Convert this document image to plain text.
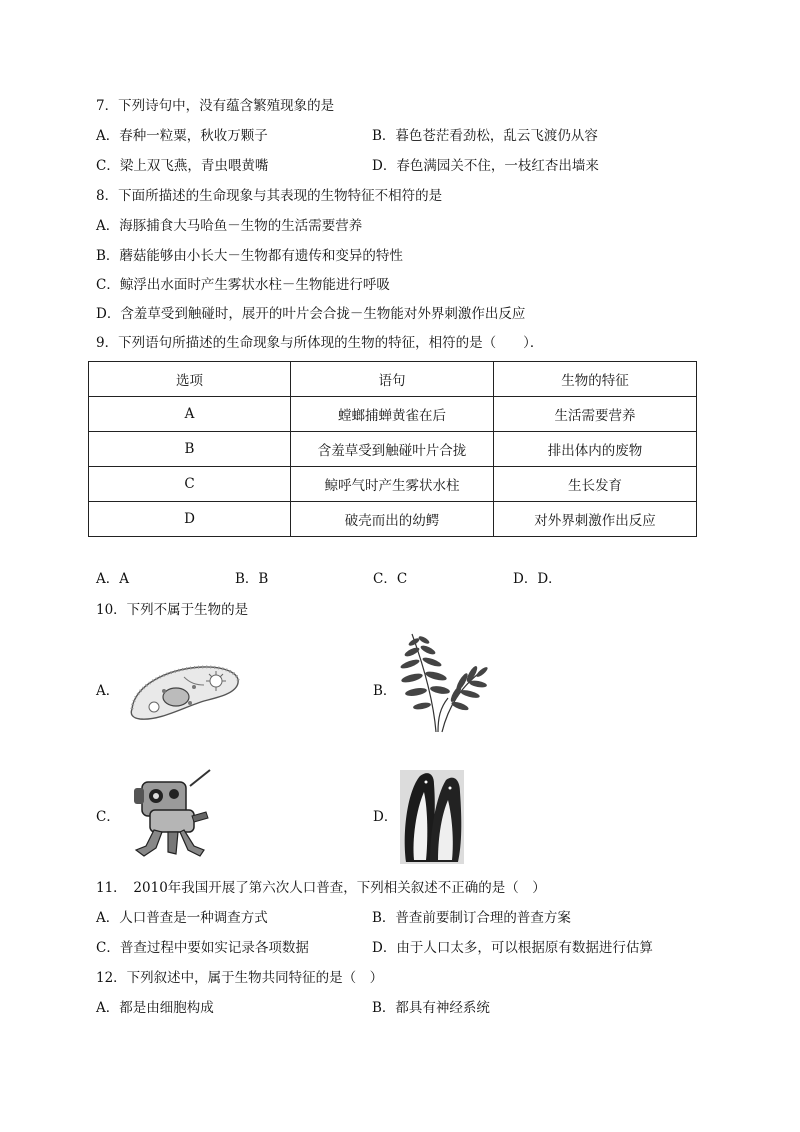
7．下列诗句中，没有蕴含繁殖现象的是
A．春种一粒粟，秋收万颗子	B．暮色苍茫看劲松，乱云飞渡仍从容
C．梁上双飞燕，青虫喂黄嘴	D．春色满园关不住，一枝红杏出墙来
8．下面所描述的生命现象与其表现的生物特征不相符的是
A．海豚捕食大马哈鱼－生物的生活需要营养
B．蘑菇能够由小长大－生物都有遗传和变异的特性
C．鲸浮出水面时产生雾状水柱－生物能进行呼吸
D．含羞草受到触碰时，展开的叶片会合拢－生物能对外界刺激作出反应
9．下列语句所描述的生命现象与所体现的生物的特征，相符的是（　　）．
选项	语句	生物的特征
A	螳螂捕蝉黄雀在后	生活需要营养
B	含羞草受到触碰叶片合拢	排出体内的废物
C	鲸呼气时产生雾状水柱	生长发育
D	破壳而出的幼鳄	对外界刺激作出反应
A．A	B．B	C．C	D．D．
10．下列不属于生物的是
A．	B．
C．	D．
11．　2010年我国开展了第六次人口普查，下列相关叙述不正确的是（　）
A．人口普查是一种调查方式	B．普查前要制订合理的普查方案
C．普查过程中要如实记录各项数据	D．由于人口太多，可以根据原有数据进行估算
12．下列叙述中，属于生物共同特征的是（　）
A．都是由细胞构成	B．都具有神经系统
